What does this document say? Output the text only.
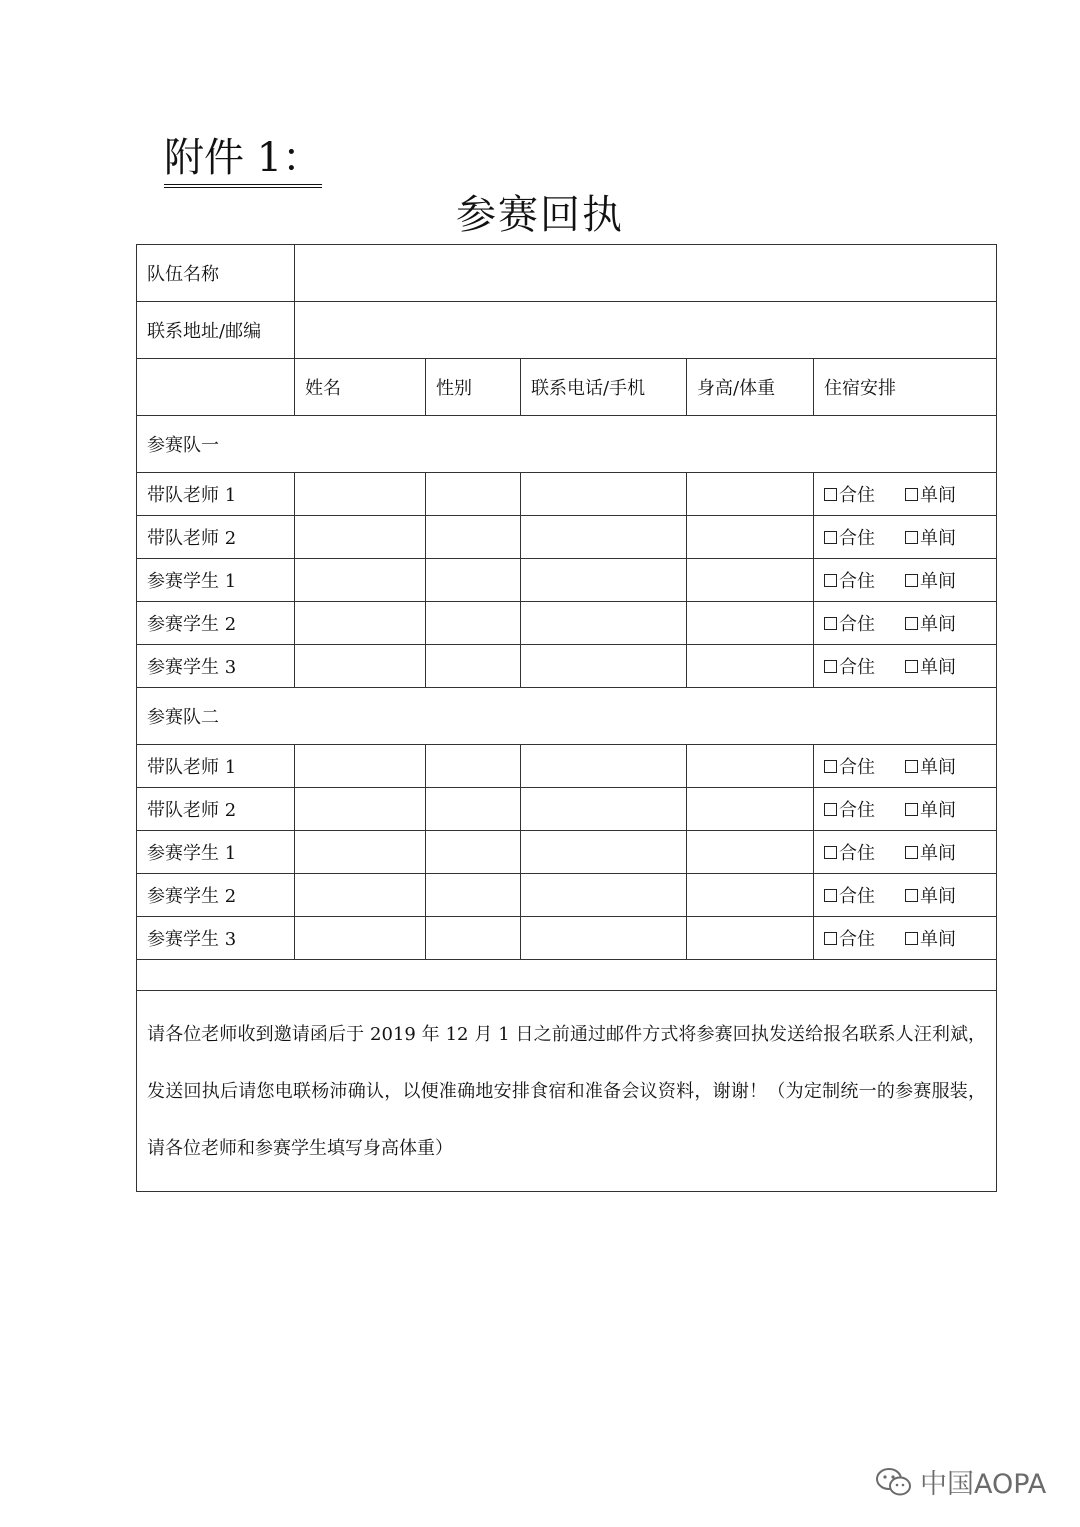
附件 1：
参赛回执
队伍名称					
联系地址/邮编					
	姓名	性别	联系电话/手机	身高/体重	住宿安排
参赛队一					
带队老师 1					合住 单间

带队老师 2					合住 单间

参赛学生 1					合住 单间

参赛学生 2					合住 单间

参赛学生 3					合住 单间

参赛队二					
带队老师 1					合住 单间

带队老师 2					合住 单间

参赛学生 1					合住 单间

参赛学生 2					合住 单间

参赛学生 3					合住 单间

请各位老师收到邀请函后于 2019 年 12 月 1 日之前通过邮件方式将参赛回执发送给报名联系人汪利斌，发送回执后请您电联杨沛确认，以便准确地安排食宿和准备会议资料，谢谢！（为定制统一的参赛服装，请各位老师和参赛学生填写身高体重）					
中国AOPA
